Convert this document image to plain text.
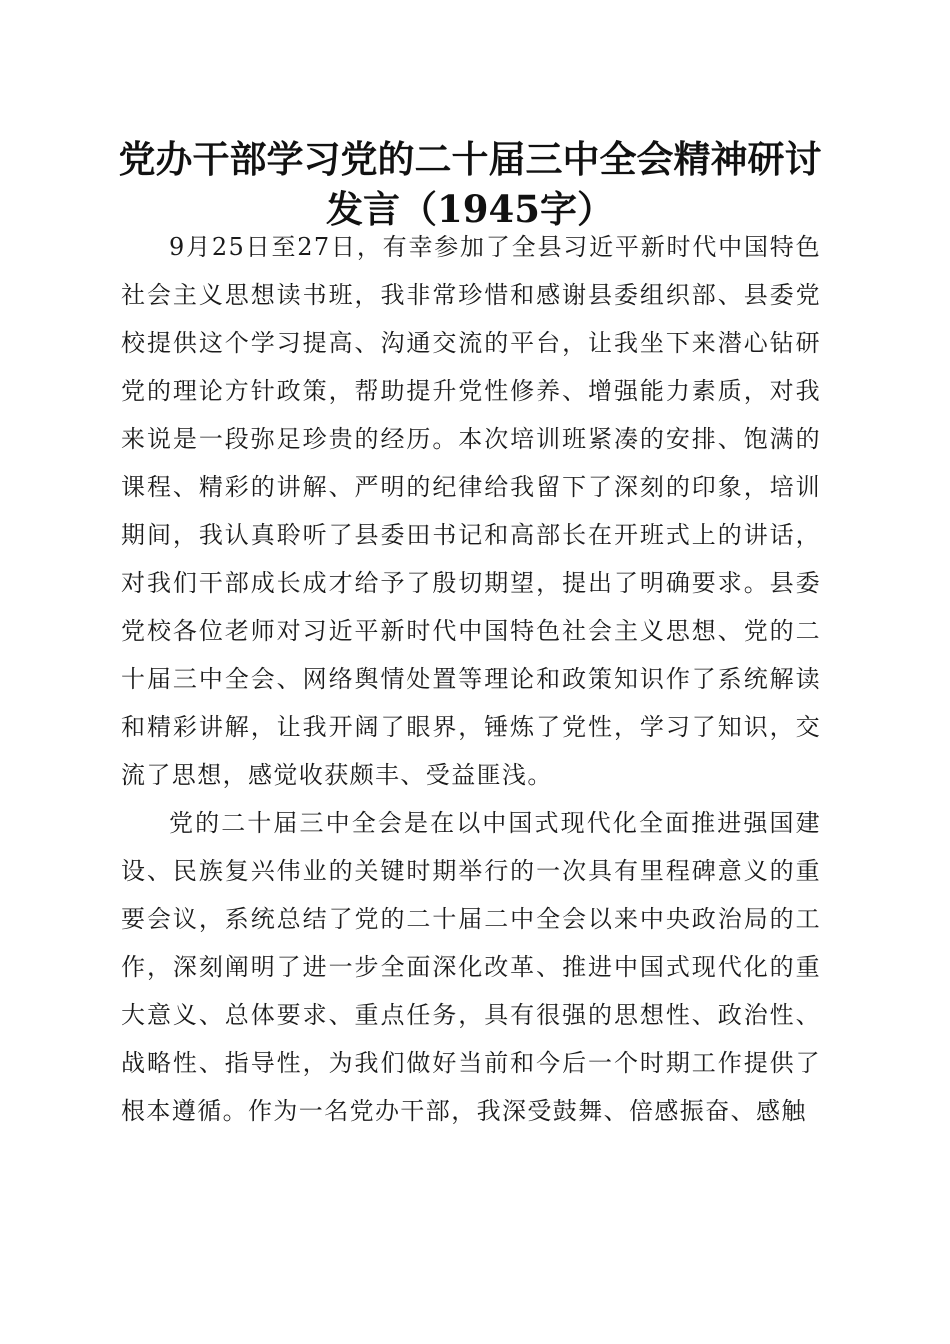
党办干部学习党的二十届三中全会精神研讨发言（1945字）

9月25日至27日，有幸参加了全县习近平新时代中国特色社会主义思想读书班，我非常珍惜和感谢县委组织部、县委党校提供这个学习提高、沟通交流的平台，让我坐下来潜心钻研党的理论方针政策，帮助提升党性修养、增强能力素质，对我来说是一段弥足珍贵的经历。本次培训班紧凑的安排、饱满的课程、精彩的讲解、严明的纪律给我留下了深刻的印象，培训期间，我认真聆听了县委田书记和高部长在开班式上的讲话，对我们干部成长成才给予了殷切期望，提出了明确要求。县委党校各位老师对习近平新时代中国特色社会主义思想、党的二十届三中全会、网络舆情处置等理论和政策知识作了系统解读和精彩讲解，让我开阔了眼界，锤炼了党性，学习了知识，交流了思想，感觉收获颇丰、受益匪浅。

党的二十届三中全会是在以中国式现代化全面推进强国建设、民族复兴伟业的关键时期举行的一次具有里程碑意义的重要会议，系统总结了党的二十届二中全会以来中央政治局的工作，深刻阐明了进一步全面深化改革、推进中国式现代化的重大意义、总体要求、重点任务，具有很强的思想性、政治性、战略性、指导性，为我们做好当前和今后一个时期工作提供了根本遵循。作为一名党办干部，我深受鼓舞、倍感振奋、感触
